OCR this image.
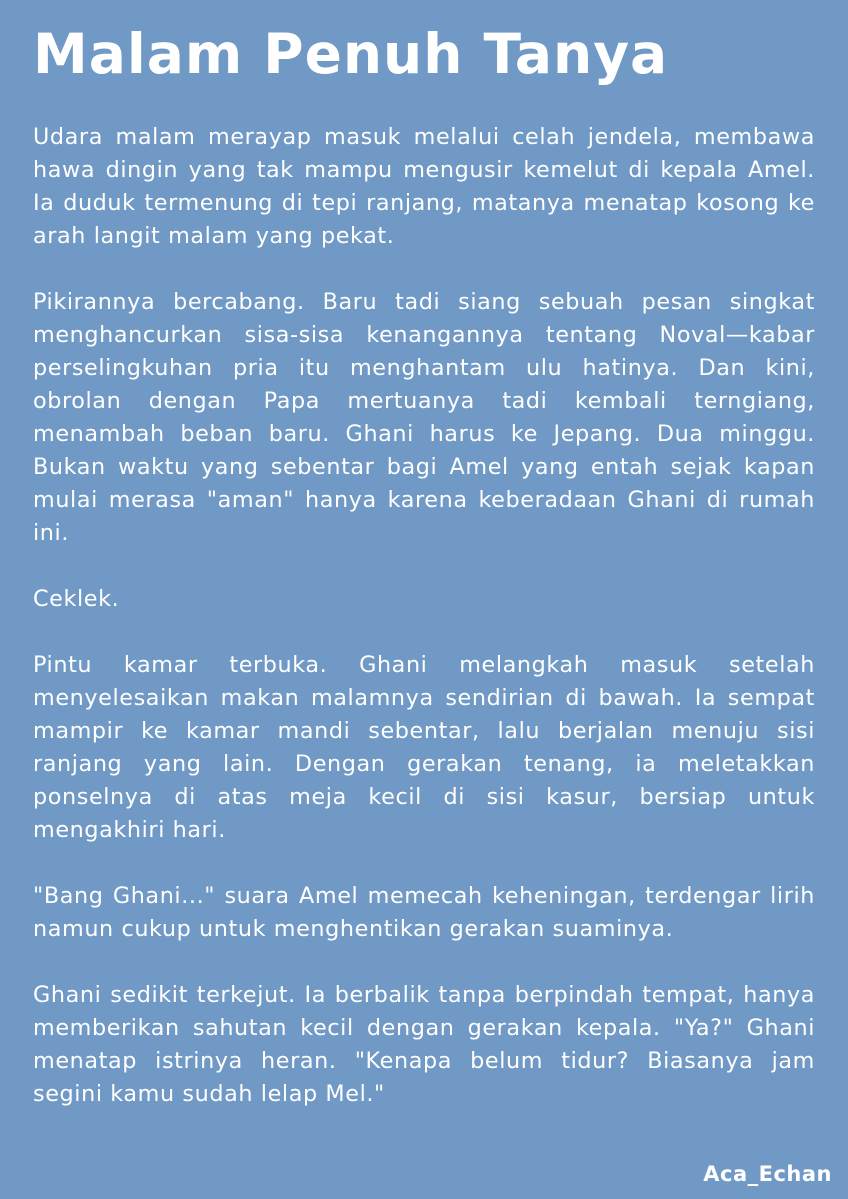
Malam Penuh Tanya

Udara malam merayap masuk melalui celah jendela, membawa hawa dingin yang tak mampu mengusir kemelut di kepala Amel. Ia duduk termenung di tepi ranjang, matanya menatap kosong ke arah langit malam yang pekat.

Pikirannya bercabang. Baru tadi siang sebuah pesan singkat menghancurkan sisa-sisa kenangannya tentang Noval—kabar perselingkuhan pria itu menghantam ulu hatinya. Dan kini, obrolan dengan Papa mertuanya tadi kembali terngiang, menambah beban baru. Ghani harus ke Jepang. Dua minggu. Bukan waktu yang sebentar bagi Amel yang entah sejak kapan mulai merasa "aman" hanya karena keberadaan Ghani di rumah ini.

Ceklek.

Pintu kamar terbuka. Ghani melangkah masuk setelah menyelesaikan makan malamnya sendirian di bawah. Ia sempat mampir ke kamar mandi sebentar, lalu berjalan menuju sisi ranjang yang lain. Dengan gerakan tenang, ia meletakkan ponselnya di atas meja kecil di sisi kasur, bersiap untuk mengakhiri hari.

"Bang Ghani..." suara Amel memecah keheningan, terdengar lirih namun cukup untuk menghentikan gerakan suaminya.

Ghani sedikit terkejut. Ia berbalik tanpa berpindah tempat, hanya memberikan sahutan kecil dengan gerakan kepala. "Ya?" Ghani menatap istrinya heran. "Kenapa belum tidur? Biasanya jam segini kamu sudah lelap Mel."

Aca_Echan
